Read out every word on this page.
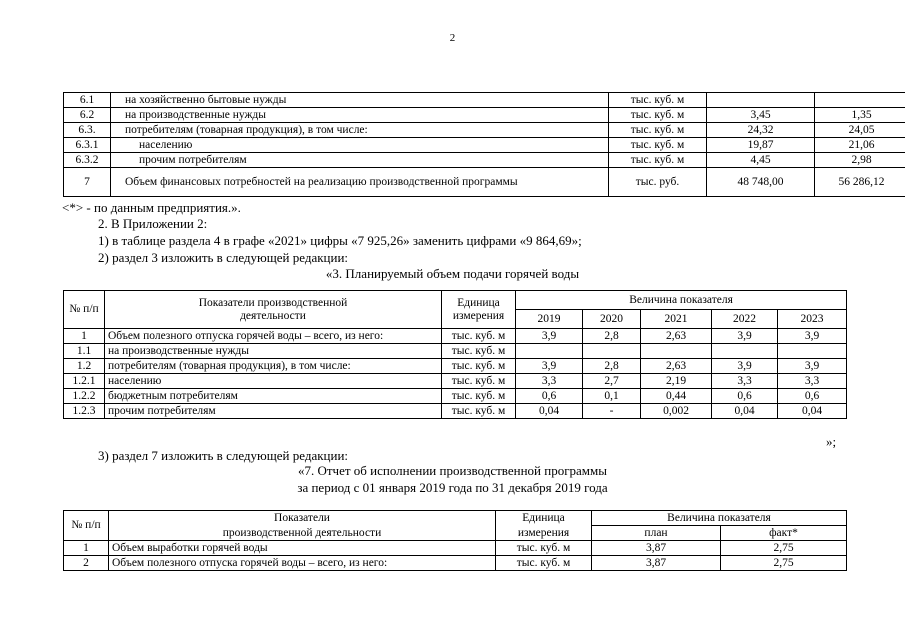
2
6.1	на хозяйственно бытовые нужды	тыс. куб. м		
6.2	на производственные нужды	тыс. куб. м	3,45	1,35
6.3.	потребителям (товарная продукция), в том числе:	тыс. куб. м	24,32	24,05
6.3.1	населению	тыс. куб. м	19,87	21,06
6.3.2	прочим потребителям	тыс. куб. м	4,45	2,98
7	Объем финансовых потребностей на реализацию производственной программы	тыс. руб.	48 748,00	56 286,12
<*> - по данным предприятия.».
2. В Приложении 2:
1) в таблице раздела 4 в графе «2021» цифры «7 925,26» заменить цифрами «9 864,69»;
2) раздел 3 изложить в следующей редакции:
«3. Планируемый объем подачи горячей воды
№ п/п	Показатели производственной деятельности	Единица измерения	Величина показателя				
			2019	2020	2021	2022	2023
1	Объем полезного отпуска горячей воды – всего, из него:	тыс. куб. м	3,9	2,8	2,63	3,9	3,9
1.1	на производственные нужды	тыс. куб. м					
1.2	потребителям (товарная продукция), в том числе:	тыс. куб. м	3,9	2,8	2,63	3,9	3,9
1.2.1	населению	тыс. куб. м	3,3	2,7	2,19	3,3	3,3
1.2.2	бюджетным потребителям	тыс. куб. м	0,6	0,1	0,44	0,6	0,6
1.2.3	прочим потребителям	тыс. куб. м	0,04	-	0,002	0,04	0,04
»;
3) раздел 7 изложить в следующей редакции:
«7. Отчет об исполнении производственной программы
за период с 01 января 2019 года по 31 декабря 2019 года
№ п/п	Показатели	Единица	Величина показателя	
	производственной деятельности	измерения	план	факт*
1	Объем выработки горячей воды	тыс. куб. м	3,87	2,75
2	Объем полезного отпуска горячей воды – всего, из него:	тыс. куб. м	3,87	2,75
